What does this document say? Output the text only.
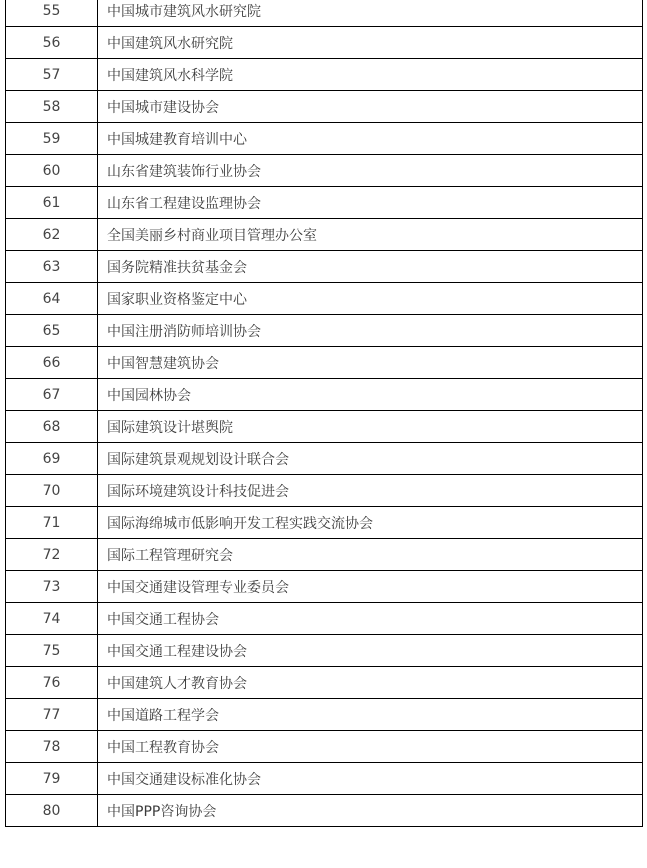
55	中国城市建筑风水研究院
56	中国建筑风水研究院
57	中国建筑风水科学院
58	中国城市建设协会
59	中国城建教育培训中心
60	山东省建筑装饰行业协会
61	山东省工程建设监理协会
62	全国美丽乡村商业项目管理办公室
63	国务院精准扶贫基金会
64	国家职业资格鉴定中心
65	中国注册消防师培训协会
66	中国智慧建筑协会
67	中国园林协会
68	国际建筑设计堪舆院
69	国际建筑景观规划设计联合会
70	国际环境建筑设计科技促进会
71	国际海绵城市低影响开发工程实践交流协会
72	国际工程管理研究会
73	中国交通建设管理专业委员会
74	中国交通工程协会
75	中国交通工程建设协会
76	中国建筑人才教育协会
77	中国道路工程学会
78	中国工程教育协会
79	中国交通建设标准化协会
80	中国PPP咨询协会
